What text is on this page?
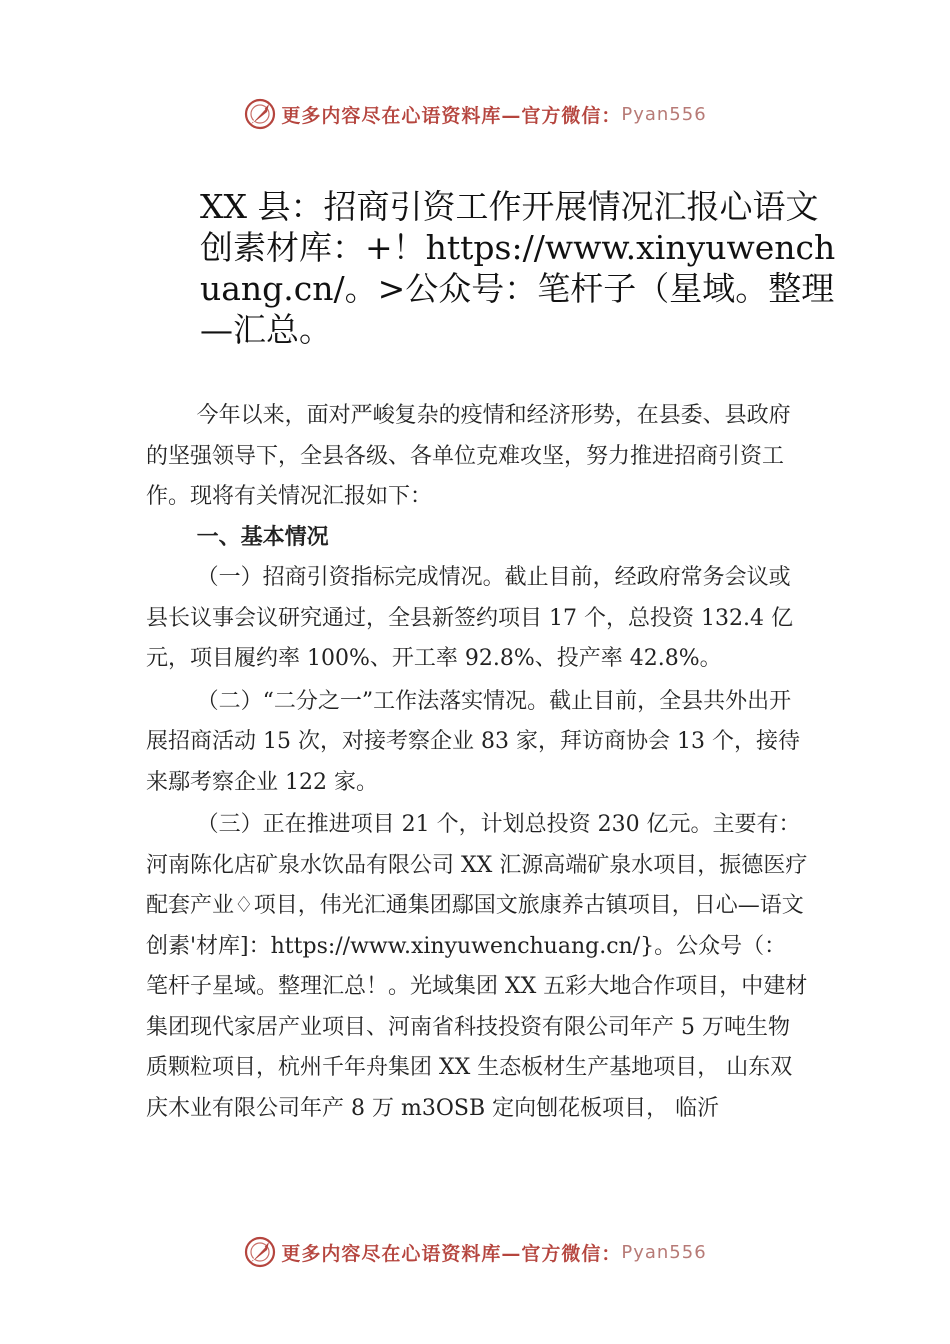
更多内容尽在心语资料库—官方微信： Pyan556
XX 县：招商引资工作开展情况汇报心语文创素材库：+！https://www.xinyuwenchuang.cn/。>公众号：笔杆子（星域。整理—汇总。

今年以来，面对严峻复杂的疫情和经济形势，在县委、县政府的坚强领导下，全县各级、各单位克难攻坚，努力推进招商引资工作。现将有关情况汇报如下：

一、基本情况

（一）招商引资指标完成情况。截止目前，经政府常务会议或县长议事会议研究通过，全县新签约项目 17 个，总投资 132.4 亿元，项目履约率 100%、开工率 92.8%、投产率 42.8%。

（二）“二分之一”工作法落实情况。截止目前，全县共外出开展招商活动 15 次，对接考察企业 83 家，拜访商协会 13 个，接待来鄢考察企业 122 家。

（三）正在推进项目 21 个，计划总投资 230 亿元。主要有：河南陈化店矿泉水饮品有限公司 XX 汇源高端矿泉水项目，振德医疗配套产业♢项目，伟光汇通集团鄢国文旅康养古镇项目，日心—语文创素'材库]：https://www.xinyuwenchuang.cn/}。公众号（：笔杆子星域。整理汇总！。光域集团 XX 五彩大地合作项目，中建材集团现代家居产业项目、河南省科技投资有限公司年产 5 万吨生物质颗粒项目，杭州千年舟集团 XX 生态板材生产基地项目， 山东双庆木业有限公司年产 8 万 m3OSB 定向刨花板项目， 临沂

更多内容尽在心语资料库—官方微信： Pyan556
